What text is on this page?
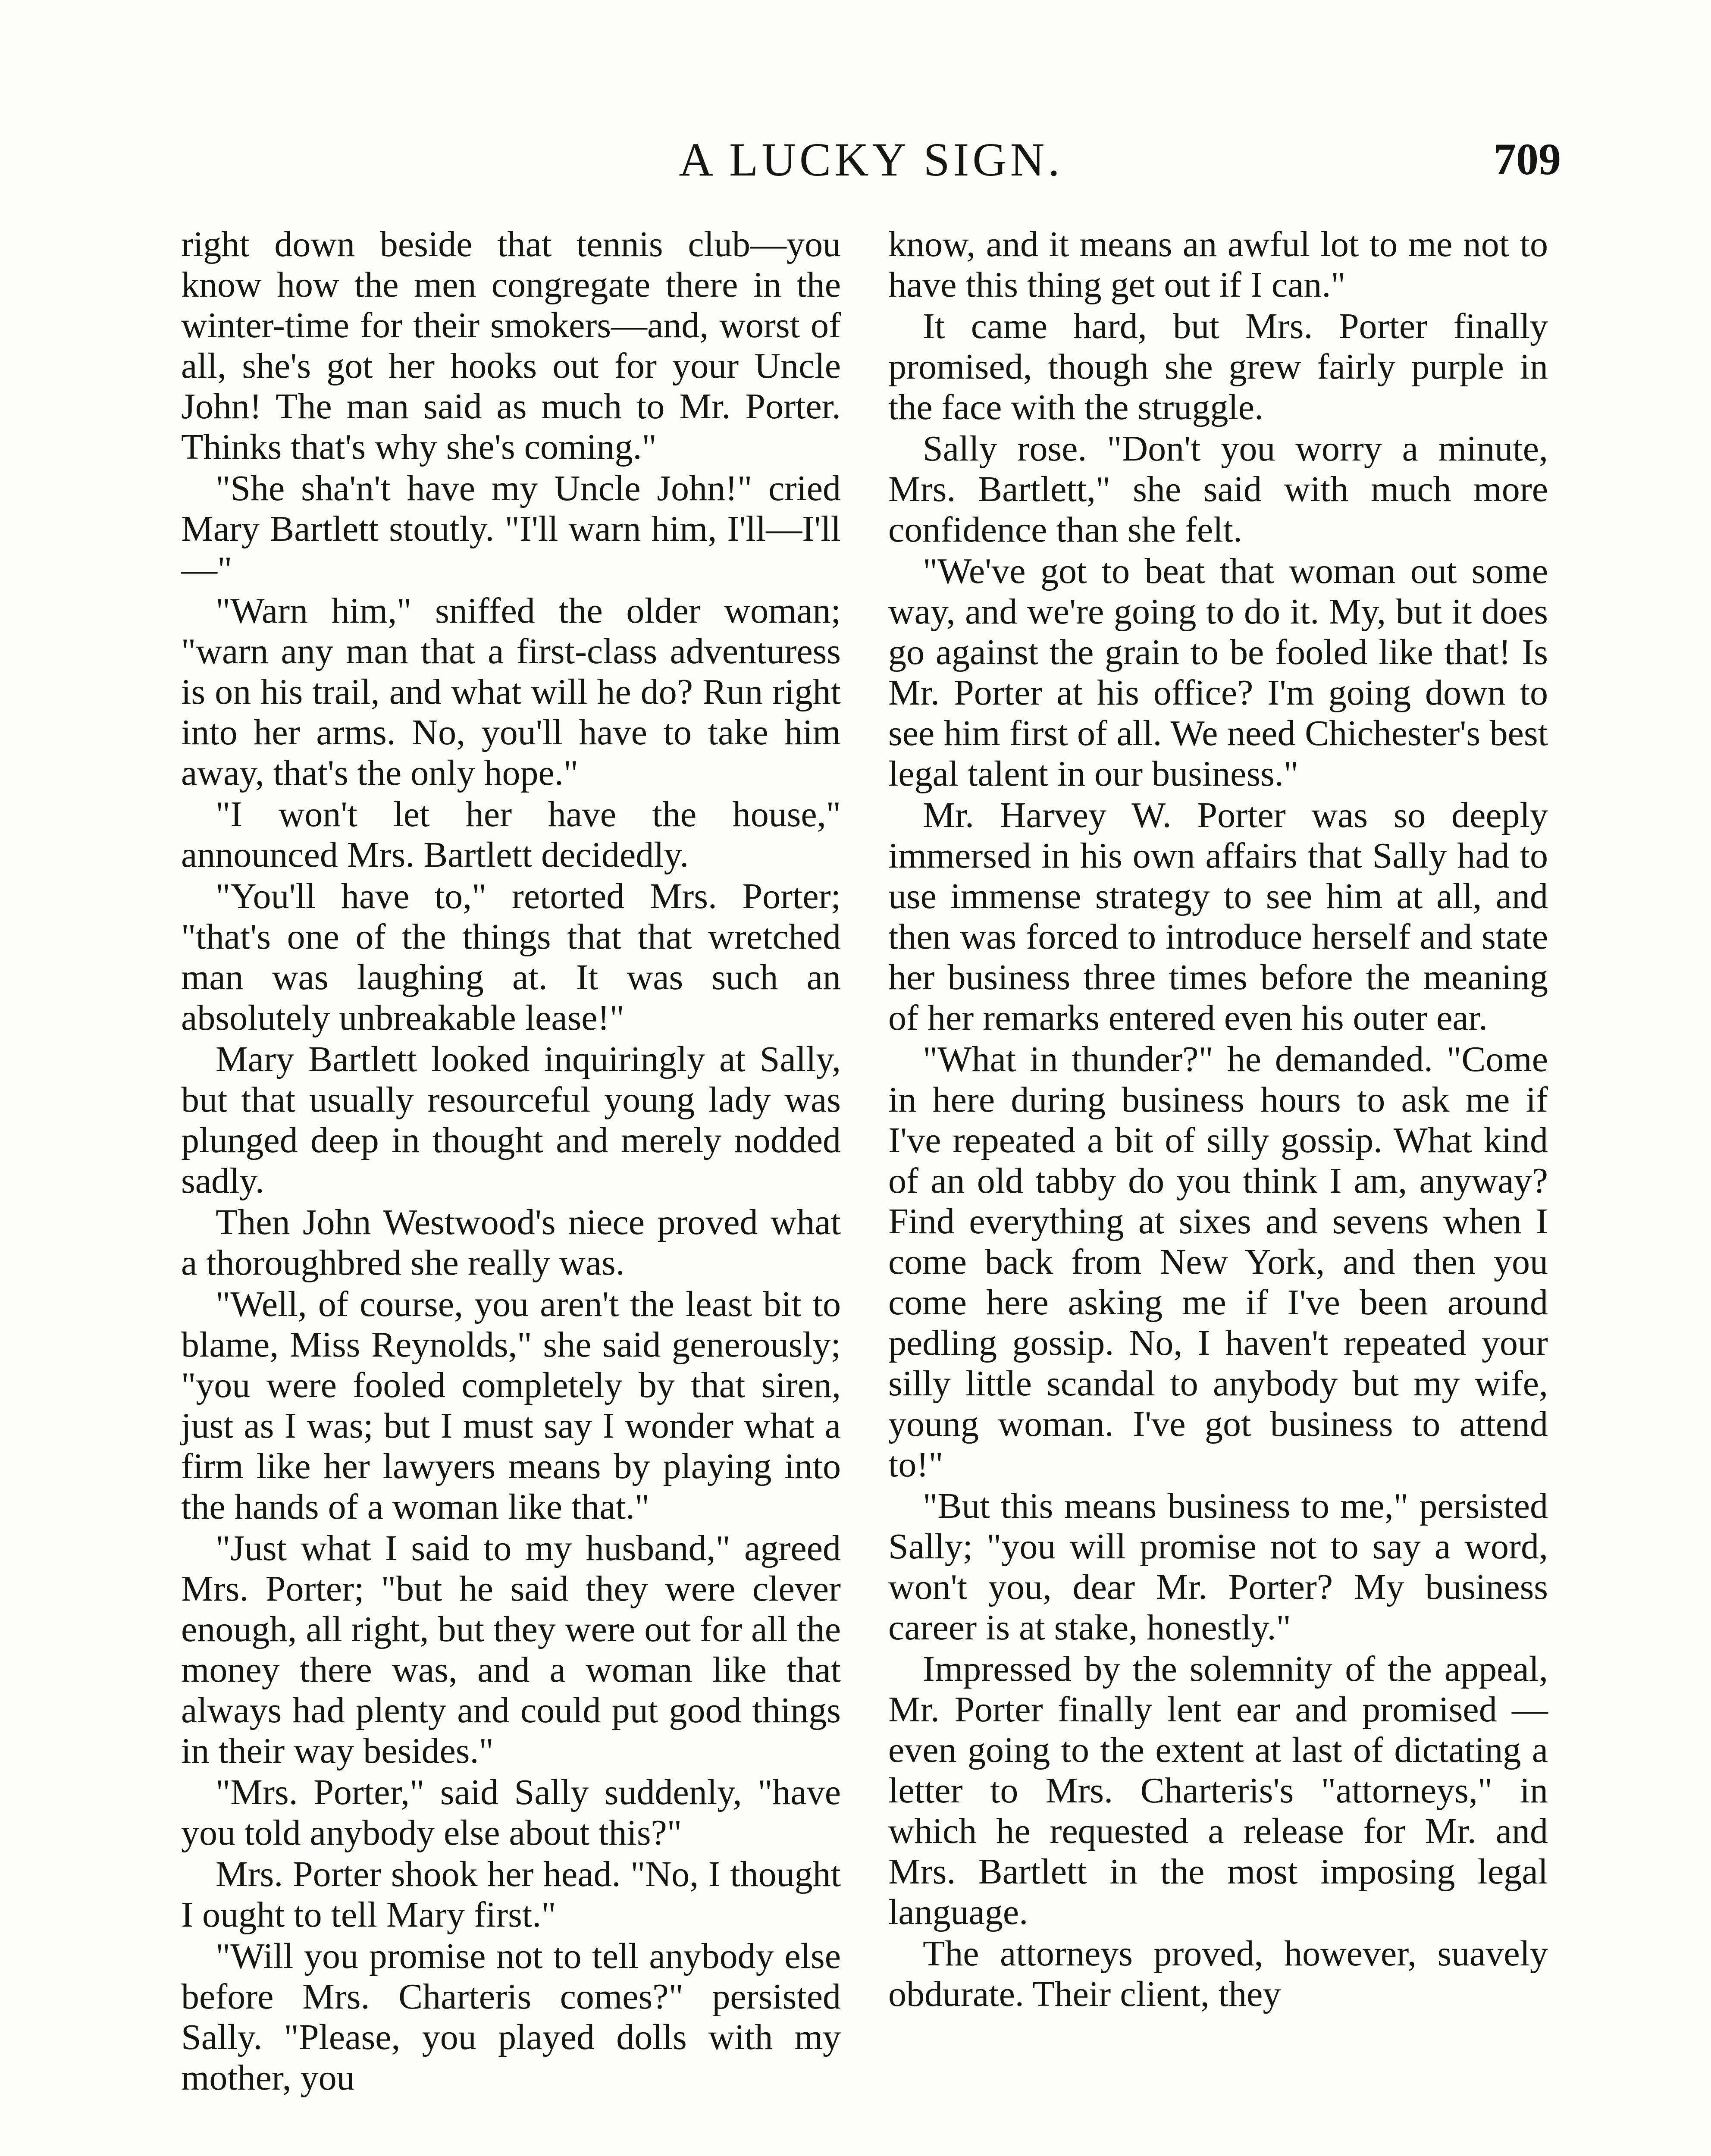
A LUCKY SIGN.	709

right down beside that tennis club—you know how the men congregate there in the winter-time for their smokers—and, worst of all, she's got her hooks out for your Uncle John! The man said as much to Mr. Porter. Thinks that's why she's coming."

"She sha'n't have my Uncle John!" cried Mary Bartlett stoutly. "I'll warn him, I'll—I'll—"

"Warn him," sniffed the older woman; "warn any man that a first-class adventuress is on his trail, and what will he do? Run right into her arms. No, you'll have to take him away, that's the only hope."

"I won't let her have the house," announced Mrs. Bartlett decidedly.

"You'll have to," retorted Mrs. Porter; "that's one of the things that that wretched man was laughing at. It was such an absolutely unbreakable lease!"

Mary Bartlett looked inquiringly at Sally, but that usually resourceful young lady was plunged deep in thought and merely nodded sadly.

Then John Westwood's niece proved what a thoroughbred she really was.

"Well, of course, you aren't the least bit to blame, Miss Reynolds," she said generously; "you were fooled completely by that siren, just as I was; but I must say I wonder what a firm like her lawyers means by playing into the hands of a woman like that."

"Just what I said to my husband," agreed Mrs. Porter; "but he said they were clever enough, all right, but they were out for all the money there was, and a woman like that always had plenty and could put good things in their way besides."

"Mrs. Porter," said Sally suddenly, "have you told anybody else about this?"

Mrs. Porter shook her head. "No, I thought I ought to tell Mary first."

"Will you promise not to tell anybody else before Mrs. Charteris comes?" persisted Sally. "Please, you played dolls with my mother, you

know, and it means an awful lot to me not to have this thing get out if I can."

It came hard, but Mrs. Porter finally promised, though she grew fairly purple in the face with the struggle.

Sally rose. "Don't you worry a minute, Mrs. Bartlett," she said with much more confidence than she felt.

"We've got to beat that woman out some way, and we're going to do it. My, but it does go against the grain to be fooled like that! Is Mr. Porter at his office? I'm going down to see him first of all. We need Chichester's best legal talent in our business."

Mr. Harvey W. Porter was so deeply immersed in his own affairs that Sally had to use immense strategy to see him at all, and then was forced to introduce herself and state her business three times before the meaning of her remarks entered even his outer ear.

"What in thunder?" he demanded. "Come in here during business hours to ask me if I've repeated a bit of silly gossip. What kind of an old tabby do you think I am, anyway? Find everything at sixes and sevens when I come back from New York, and then you come here asking me if I've been around pedling gossip. No, I haven't repeated your silly little scandal to anybody but my wife, young woman. I've got business to attend to!"

"But this means business to me," persisted Sally; "you will promise not to say a word, won't you, dear Mr. Porter? My business career is at stake, honestly."

Impressed by the solemnity of the appeal, Mr. Porter finally lent ear and promised — even going to the extent at last of dictating a letter to Mrs. Charteris's "attorneys," in which he requested a release for Mr. and Mrs. Bartlett in the most imposing legal language.

The attorneys proved, however, suavely obdurate. Their client, they
